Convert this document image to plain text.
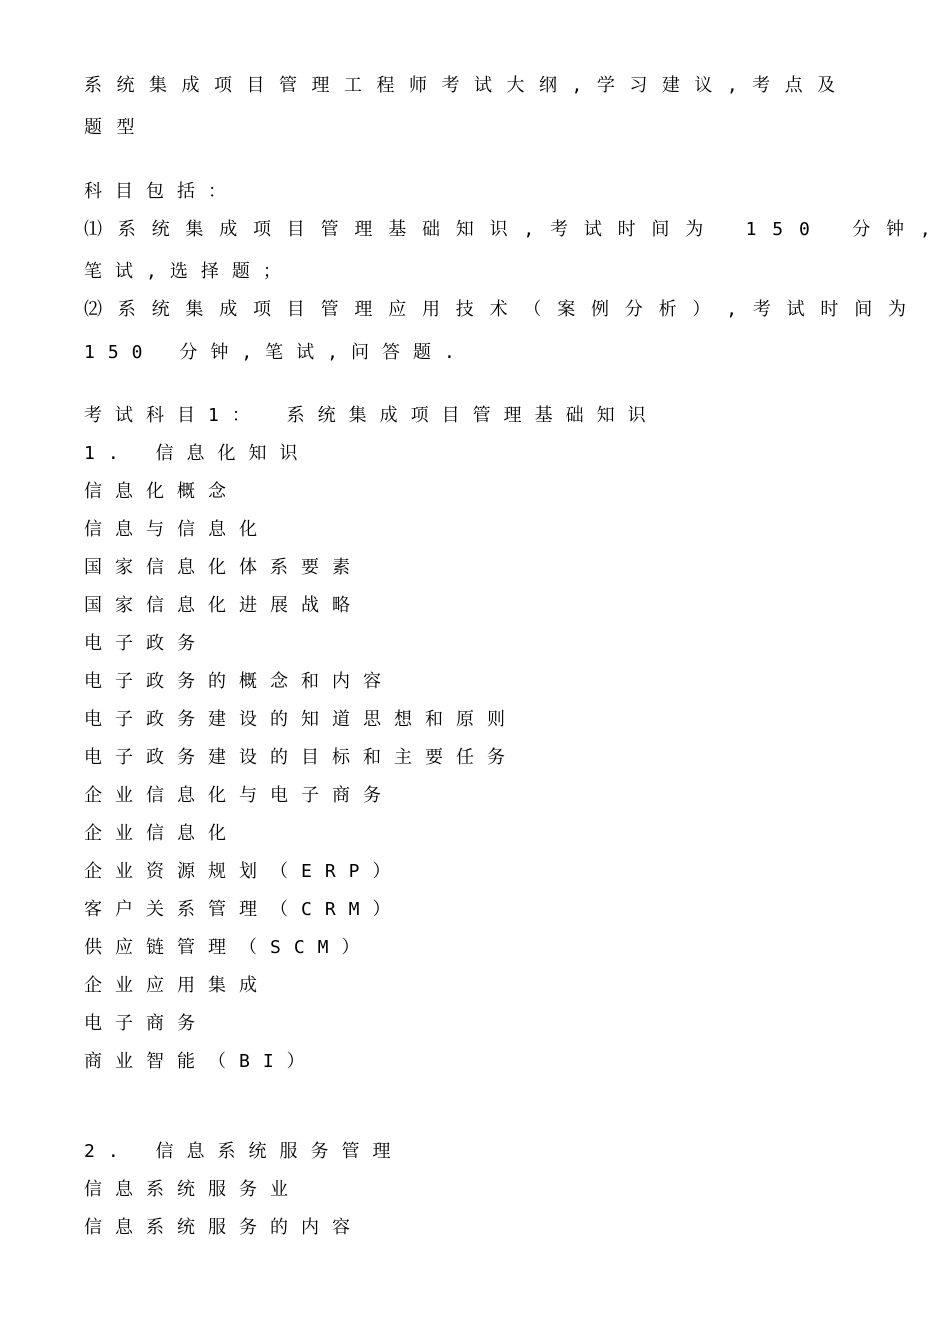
系统集成项目管理工程师考试大纲,学习建议,考点及

题型

科目包括：

⑴系统集成项目管理基础知识,考试时间为 150 分钟,

笔试,选择题；

⑵系统集成项目管理应用技术（案例分析）,考试时间为

150 分钟,笔试,问答题.

考试科目1： 系统集成项目管理基础知识

1. 信息化知识

信息化概念

信息与信息化

国家信息化体系要素

国家信息化进展战略

电子政务

电子政务的概念和内容

电子政务建设的知道思想和原则

电子政务建设的目标和主要任务

企业信息化与电子商务

企业信息化

企业资源规划（ERP）

客户关系管理（CRM）

供应链管理（SCM）

企业应用集成

电子商务

商业智能（BI）

2. 信息系统服务管理

信息系统服务业

信息系统服务的内容
